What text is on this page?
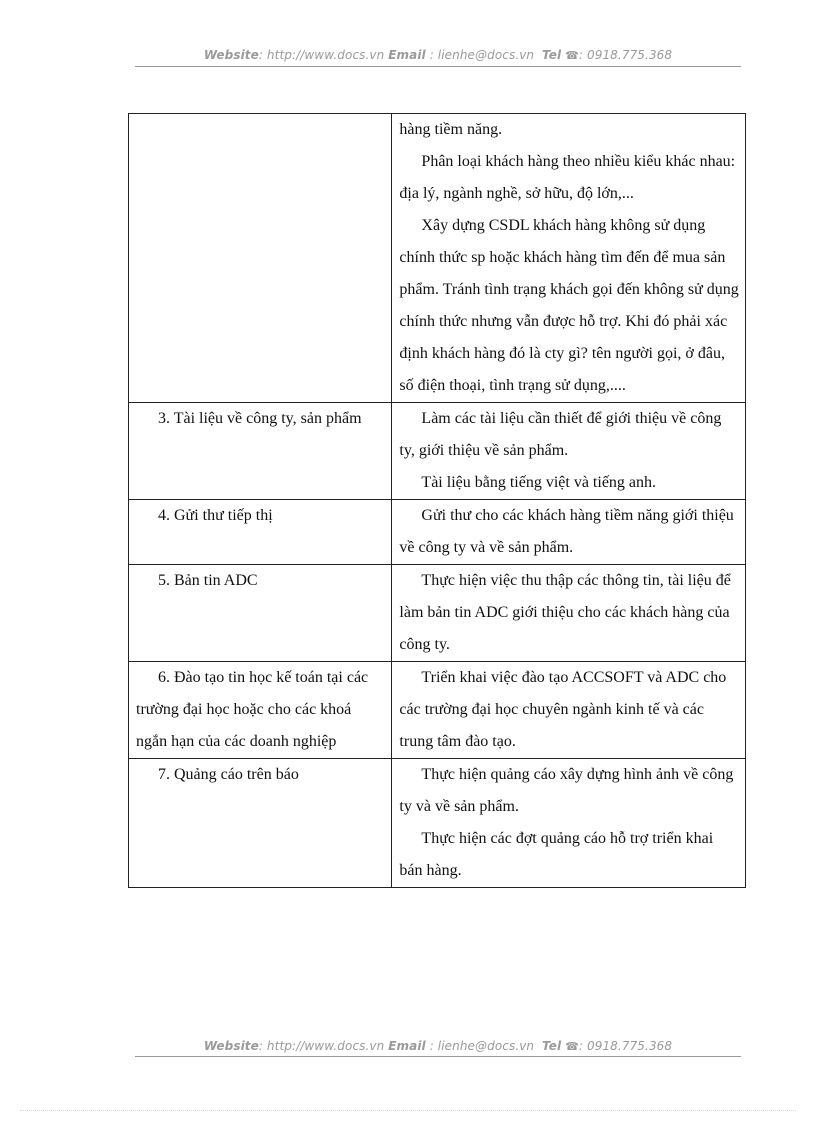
Website: http://www.docs.vn Email : lienhe@docs.vn Tel ☎: 0918.775.368

	hàng tiềm năng.

Phân loại khách hàng theo nhiều kiểu khác nhau: địa lý, ngành nghề, sở hữu, độ lớn,...

Xây dựng CSDL khách hàng không sử dụng chính thức sp hoặc khách hàng tìm đến để mua sản phẩm. Tránh tình trạng khách gọi đến không sử dụng chính thức nhưng vẫn được hỗ trợ. Khi đó phải xác định khách hàng đó là cty gì? tên người gọi, ở đâu, số điện thoại, tình trạng sử dụng,....

3. Tài liệu về công ty, sản phẩm	Làm các tài liệu cần thiết để giới thiệu về công ty, giới thiệu về sản phẩm.

Tài liệu bằng tiếng việt và tiếng anh.

4. Gửi thư tiếp thị	Gửi thư cho các khách hàng tiềm năng giới thiệu về công ty và về sản phẩm.

5. Bản tin ADC	Thực hiện việc thu thập các thông tin, tài liệu để làm bản tin ADC giới thiệu cho các khách hàng của công ty.

6. Đào tạo tin học kế toán tại các trường đại học hoặc cho các khoá ngắn hạn của các doanh nghiệp	Triển khai việc đào tạo ACCSOFT và ADC cho các trường đại học chuyên ngành kinh tế và các trung tâm đào tạo.

7. Quảng cáo trên báo	Thực hiện quảng cáo xây dựng hình ảnh về công ty và về sản phẩm.

Thực hiện các đợt quảng cáo hỗ trợ triển khai bán hàng.

Website: http://www.docs.vn Email : lienhe@docs.vn Tel ☎: 0918.775.368
